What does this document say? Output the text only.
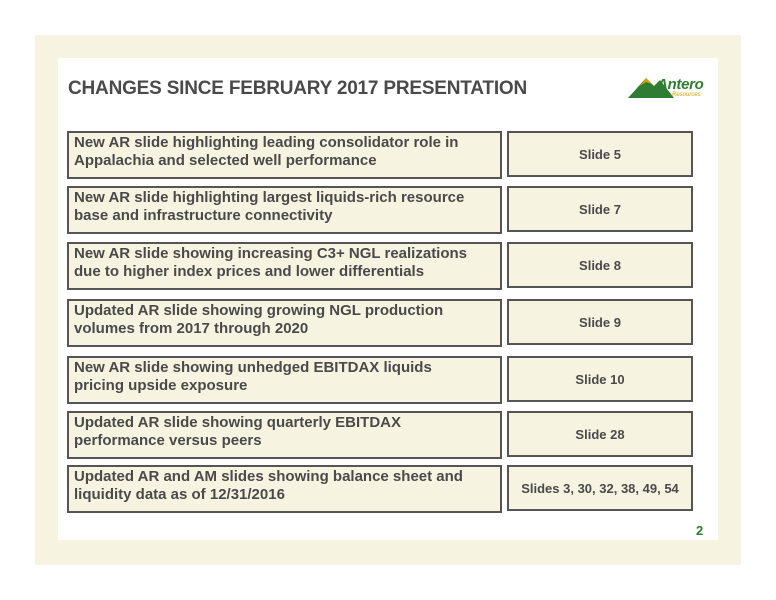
CHANGES SINCE FEBRUARY 2017 PRESENTATION	Antero
Resources
New AR slide highlighting leading consolidator role in
Appalachia and selected well performance	Slide 5
New AR slide highlighting largest liquids-rich resource
base and infrastructure connectivity	Slide 7
New AR slide showing increasing C3+ NGL realizations
due to higher index prices and lower differentials	Slide 8
Updated AR slide showing growing NGL production
volumes from 2017 through 2020	Slide 9
New AR slide showing unhedged EBITDAX liquids
pricing upside exposure	Slide 10
Updated AR slide showing quarterly EBITDAX
performance versus peers	Slide 28
Updated AR and AM slides showing balance sheet and
liquidity data as of 12/31/2016	Slides 3, 30, 32, 38, 49, 54
2
